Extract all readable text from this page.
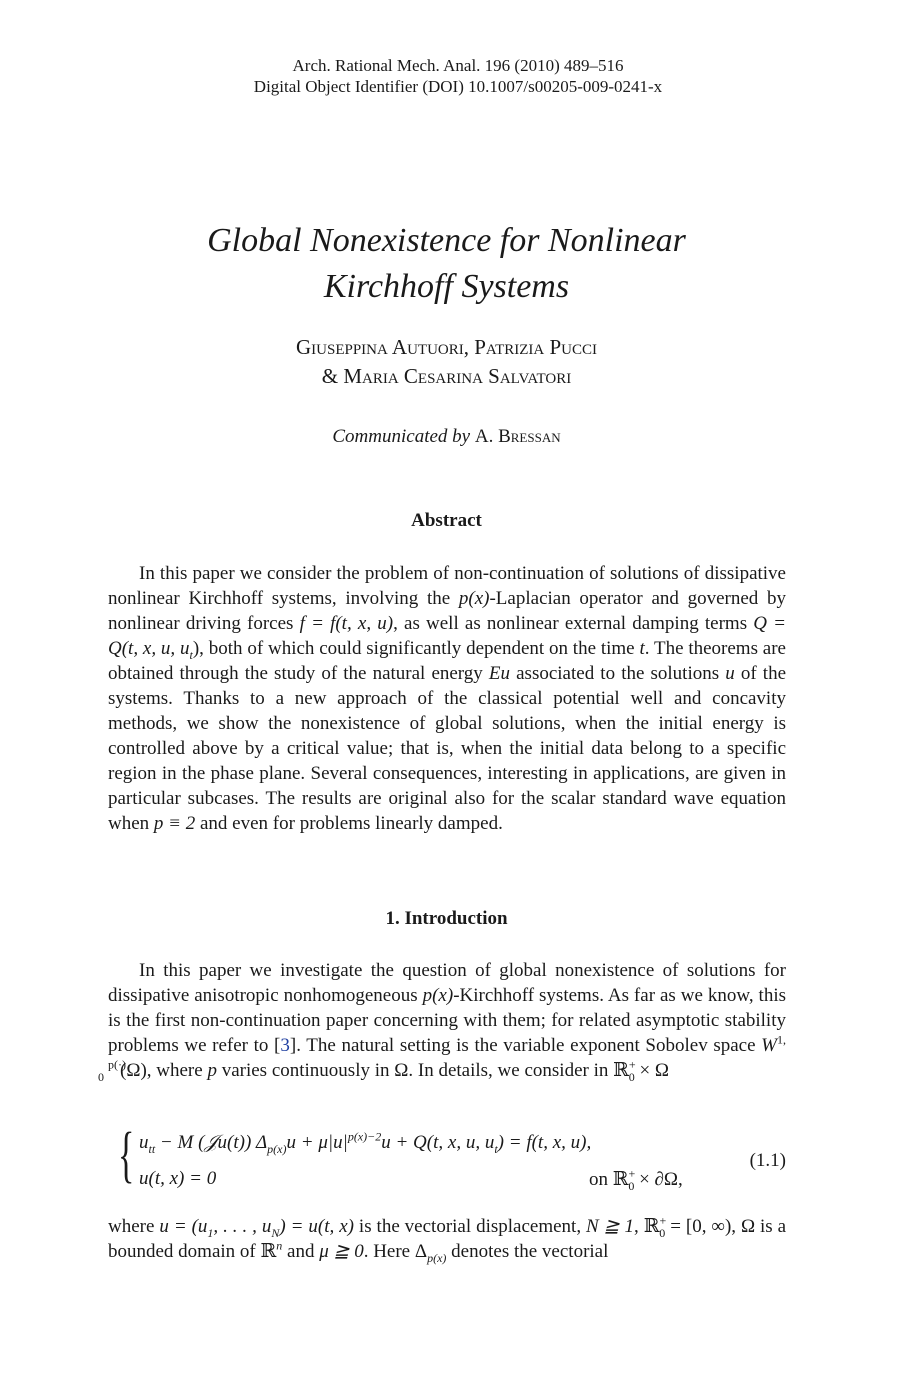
Arch. Rational Mech. Anal. 196 (2010) 489–516
Digital Object Identifier (DOI) 10.1007/s00205-009-0241-x
Global Nonexistence for Nonlinear
Kirchhoff Systems
Giuseppina Autuori, Patrizia Pucci
& Maria Cesarina Salvatori
Communicated by A. Bressan
Abstract

In this paper we consider the problem of non-continuation of solutions of dissipative nonlinear Kirchhoff systems, involving the p(x)-Laplacian operator and governed by nonlinear driving forces f = f(t, x, u), as well as nonlinear external damping terms Q = Q(t, x, u, $u_t$), both of which could significantly dependent on the time t. The theorems are obtained through the study of the natural energy Eu associated to the solutions u of the systems. Thanks to a new approach of the classical potential well and concavity methods, we show the nonexistence of global solutions, when the initial energy is controlled above by a critical value; that is, when the initial data belong to a specific region in the phase plane. Several consequences, interesting in applications, are given in particular subcases. The results are original also for the scalar standard wave equation when p ≡ 2 and even for problems linearly damped.

1. Introduction

In this paper we investigate the question of global nonexistence of solutions for dissipative anisotropic nonhomogeneous p(x)-Kirchhoff systems. As far as we know, this is the first non-continuation paper concerning with them; for related asymptotic stability problems we refer to [3]. The natural setting is the variable exponent Sobolev space $W^{1, p(\cdot)}_0$ (Ω), where p varies continuously in Ω. In details, we consider in ℝ+$_0$ × Ω

{ $u_{tt} - M$ (𝒥u(t)) $\Delta_{p(x)}u + \mu|u|^{p(x)-2}u + Q(t$, x, u, $u_t) = f(t$, x, u),
u(t, x) = 0	on ℝ+$_0$ × ∂Ω,
(1.1)
where $u = (u_1$, . . . , $u_N) = u(t$, x) is the vectorial displacement, N ≧ 1, ℝ+$_0$ = [0, ∞), Ω is a bounded domain of ℝ$^n$ and μ ≧ 0. Here $\Delta_{p(x)}$ denotes the vectorial
